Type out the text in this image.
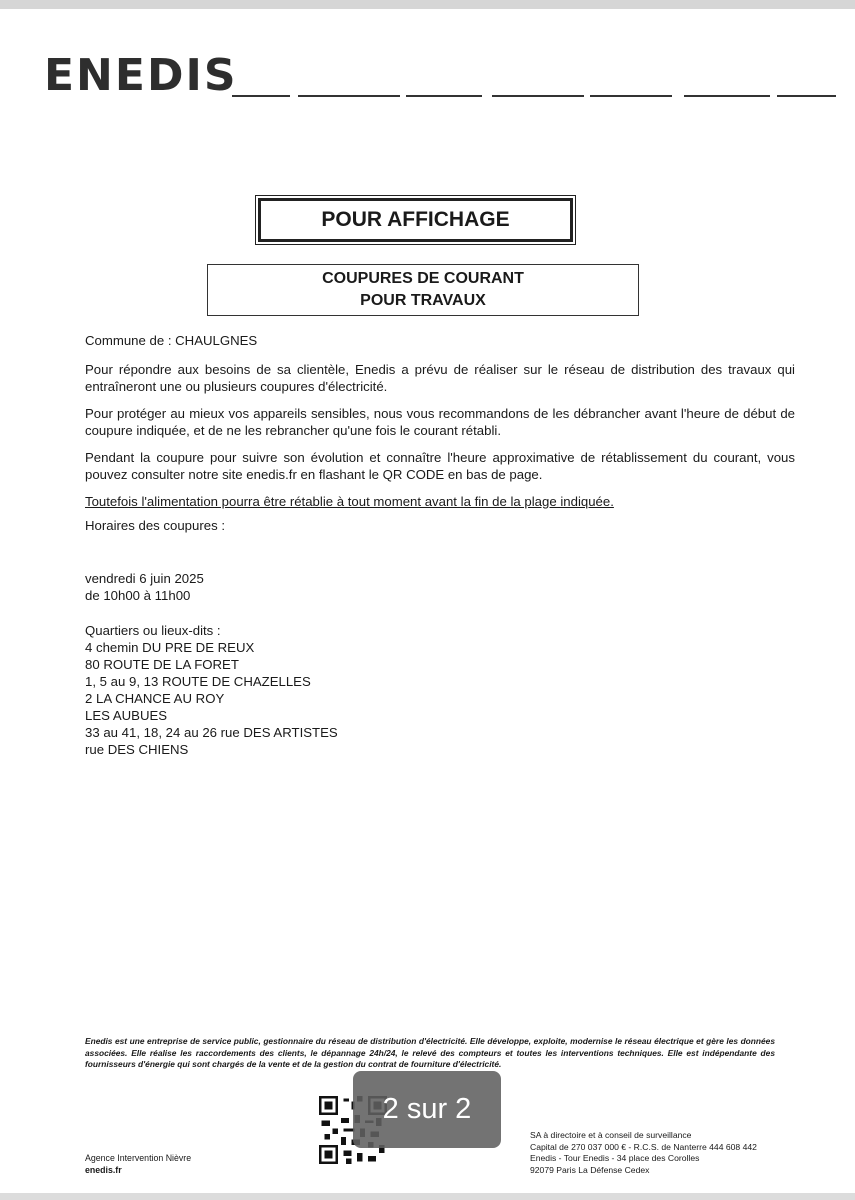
ENEDIS
POUR AFFICHAGE
COUPURES DE COURANT
POUR TRAVAUX

Commune de : CHAULGNES

Pour répondre aux besoins de sa clientèle, Enedis a prévu de réaliser sur le réseau de distribution des travaux qui entraîneront une ou plusieurs coupures d'électricité.

Pour protéger au mieux vos appareils sensibles, nous vous recommandons de les débrancher avant l'heure de début de coupure indiquée, et de ne les rebrancher qu'une fois le courant rétabli.

Pendant la coupure pour suivre son évolution et connaître l'heure approximative de rétablissement du courant, vous pouvez consulter notre site enedis.fr en flashant le QR CODE en bas de page.

Toutefois l'alimentation pourra être rétablie à tout moment avant la fin de la plage indiquée.

Horaires des coupures :

vendredi 6 juin 2025

de 10h00 à 11h00

Quartiers ou lieux-dits :

4 chemin DU PRE DE REUX

80 ROUTE DE LA FORET

1, 5 au 9, 13 ROUTE DE CHAZELLES

2 LA CHANCE AU ROY

LES AUBUES

33 au 41, 18, 24 au 26 rue DES ARTISTES

rue DES CHIENS

Enedis est une entreprise de service public, gestionnaire du réseau de distribution d'électricité. Elle développe, exploite, modernise le réseau électrique et gère les données associées. Elle réalise les raccordements des clients, le dépannage 24h/24, le relevé des compteurs et toutes les interventions techniques. Elle est indépendante des fournisseurs d'énergie qui sont chargés de la vente et de la gestion du contrat de fourniture d'électricité.
Agence Intervention Nièvre
enedis.fr
SA à directoire et à conseil de surveillance
Capital de 270 037 000 € - R.C.S. de Nanterre 444 608 442
Enedis - Tour Enedis - 34 place des Corolles
92079 Paris La Défense Cedex
2 sur 2
